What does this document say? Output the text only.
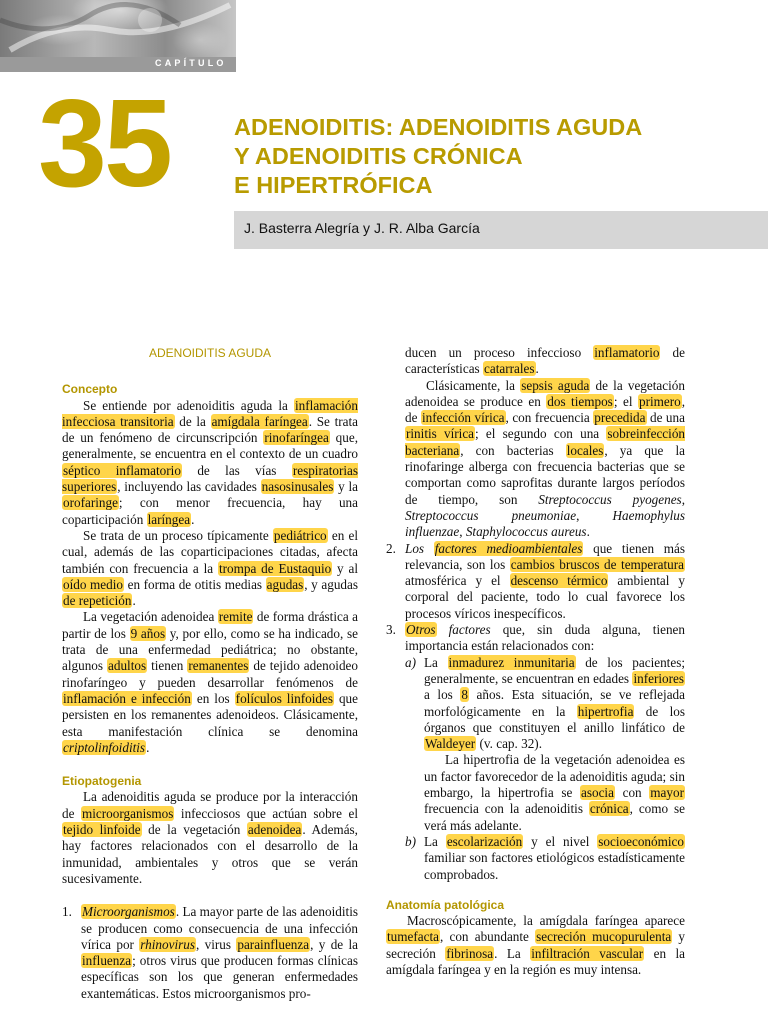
CAPÍTULO
35	ADENOIDITIS: ADENOIDITIS AGUDA
Y ADENOIDITIS CRÓNICA
E HIPERTRÓFICA
J. Basterra Alegría y J. R. Alba García
ADENOIDITIS AGUDA
Concepto

Se entiende por adenoiditis aguda la inflamación infecciosa transitoria de la amígdala faríngea. Se trata de un fenómeno de circunscripción rinofaríngea que, generalmente, se encuentra en el contexto de un cuadro séptico inflamatorio de las vías respiratorias superiores, incluyendo las cavidades nasosinusales y la orofaringe; con menor frecuencia, hay una coparticipación laríngea.

Se trata de un proceso típicamente pediátrico en el cual, además de las coparticipaciones citadas, afecta también con frecuencia a la trompa de Eustaquio y al oído medio en forma de otitis medias agudas, y agudas de repetición.

La vegetación adenoidea remite de forma drástica a partir de los 9 años y, por ello, como se ha indicado, se trata de una enfermedad pediátrica; no obstante, algunos adultos tienen remanentes de tejido adenoideo rinofaríngeo y pueden desarrollar fenómenos de inflamación e infección en los folículos linfoides que persisten en los remanentes adenoideos. Clásicamente, esta manifestación clínica se denomina criptolinfoiditis.

Etiopatogenia

La adenoiditis aguda se produce por la interacción de microorganismos infecciosos que actúan sobre el tejido linfoide de la vegetación adenoidea. Además, hay factores relacionados con el desarrollo de la inmunidad, ambientales y otros que se verán sucesivamente.

1. Microorganismos. La mayor parte de las adenoiditis se producen como consecuencia de una infección vírica por rhinovirus, virus parainfluenza, y de la influenza; otros virus que producen formas clínicas específicas son los que generan enfermedades exantemáticas. Estos microorganismos pro-
ducen un proceso infeccioso inflamatorio de características catarrales.

Clásicamente, la sepsis aguda de la vegetación adenoidea se produce en dos tiempos; el primero, de infección vírica, con frecuencia precedida de una rinitis vírica; el segundo con una sobreinfección bacteriana, con bacterias locales, ya que la rinofaringe alberga con frecuencia bacterias que se comportan como saprofitas durante largos períodos de tiempo, son Streptococcus pyogenes, Streptococcus pneumoniae, Haemophylus influenzae, Staphylococcus aureus.

2. Los factores medioambientales que tienen más relevancia, son los cambios bruscos de temperatura atmosférica y el descenso térmico ambiental y corporal del paciente, todo lo cual favorece los procesos víricos inespecíficos.
3. Otros factores que, sin duda alguna, tienen importancia están relacionados con:
a) La inmadurez inmunitaria de los pacientes; generalmente, se encuentran en edades inferiores a los 8 años. Esta situación, se ve reflejada morfológicamente en la hipertrofia de los órganos que constituyen el anillo linfático de Waldeyer (v. cap. 32).
La hipertrofia de la vegetación adenoidea es un factor favorecedor de la adenoiditis aguda; sin embargo, la hipertrofia se asocia con mayor frecuencia con la adenoiditis crónica, como se verá más adelante.
b) La escolarización y el nivel socioeconómico familiar son factores etiológicos estadísticamente comprobados.
Anatomía patológica

Macroscópicamente, la amígdala faríngea aparece tumefacta, con abundante secreción mucopurulenta y secreción fibrinosa. La infiltración vascular en la amígdala faríngea y en la región es muy intensa.
